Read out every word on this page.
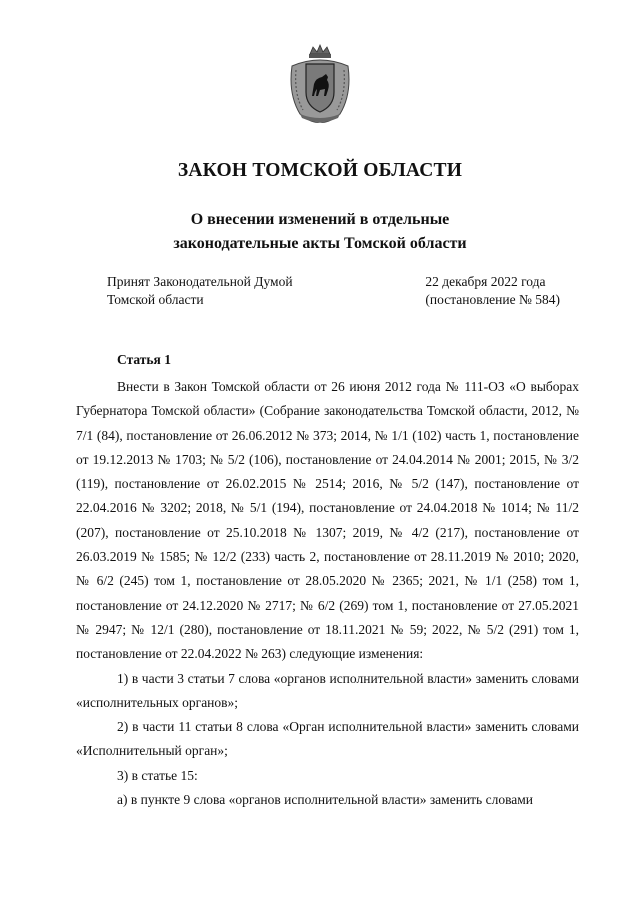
ЗАКОН ТОМСКОЙ ОБЛАСТИ
О внесении изменений в отдельные
законодательные акты Томской области
Принят Законодательной Думой
Томской области
22 декабря 2022 года
(постановление № 584)
Статья 1

Внести в Закон Томской области от 26 июня 2012 года № 111-ОЗ «О выборах Губернатора Томской области» (Собрание законодательства Томской области, 2012, № 7/1 (84), постановление от 26.06.2012 № 373; 2014, № 1/1 (102) часть 1, постановление от 19.12.2013 № 1703; № 5/2 (106), постановление от 24.04.2014 № 2001; 2015, № 3/2 (119), постановление от 26.02.2015 № 2514; 2016, № 5/2 (147), постановление от 22.04.2016 № 3202; 2018, № 5/1 (194), постановление от 24.04.2018 № 1014; № 11/2 (207), постановление от 25.10.2018 № 1307; 2019, № 4/2 (217), постановление от 26.03.2019 № 1585; № 12/2 (233) часть 2, постановление от 28.11.2019 № 2010; 2020, № 6/2 (245) том 1, постановление от 28.05.2020 № 2365; 2021, № 1/1 (258) том 1, постановление от 24.12.2020 № 2717; № 6/2 (269) том 1, постановление от 27.05.2021 № 2947; № 12/1 (280), постановление от 18.11.2021 № 59; 2022, № 5/2 (291) том 1, постановление от 22.04.2022 № 263) следующие изменения:

1) в части 3 статьи 7 слова «органов исполнительной власти» заменить словами «исполнительных органов»;

2) в части 11 статьи 8 слова «Орган исполнительной власти» заменить словами «Исполнительный орган»;

3) в статье 15:

а) в пункте 9 слова «органов исполнительной власти» заменить словами
